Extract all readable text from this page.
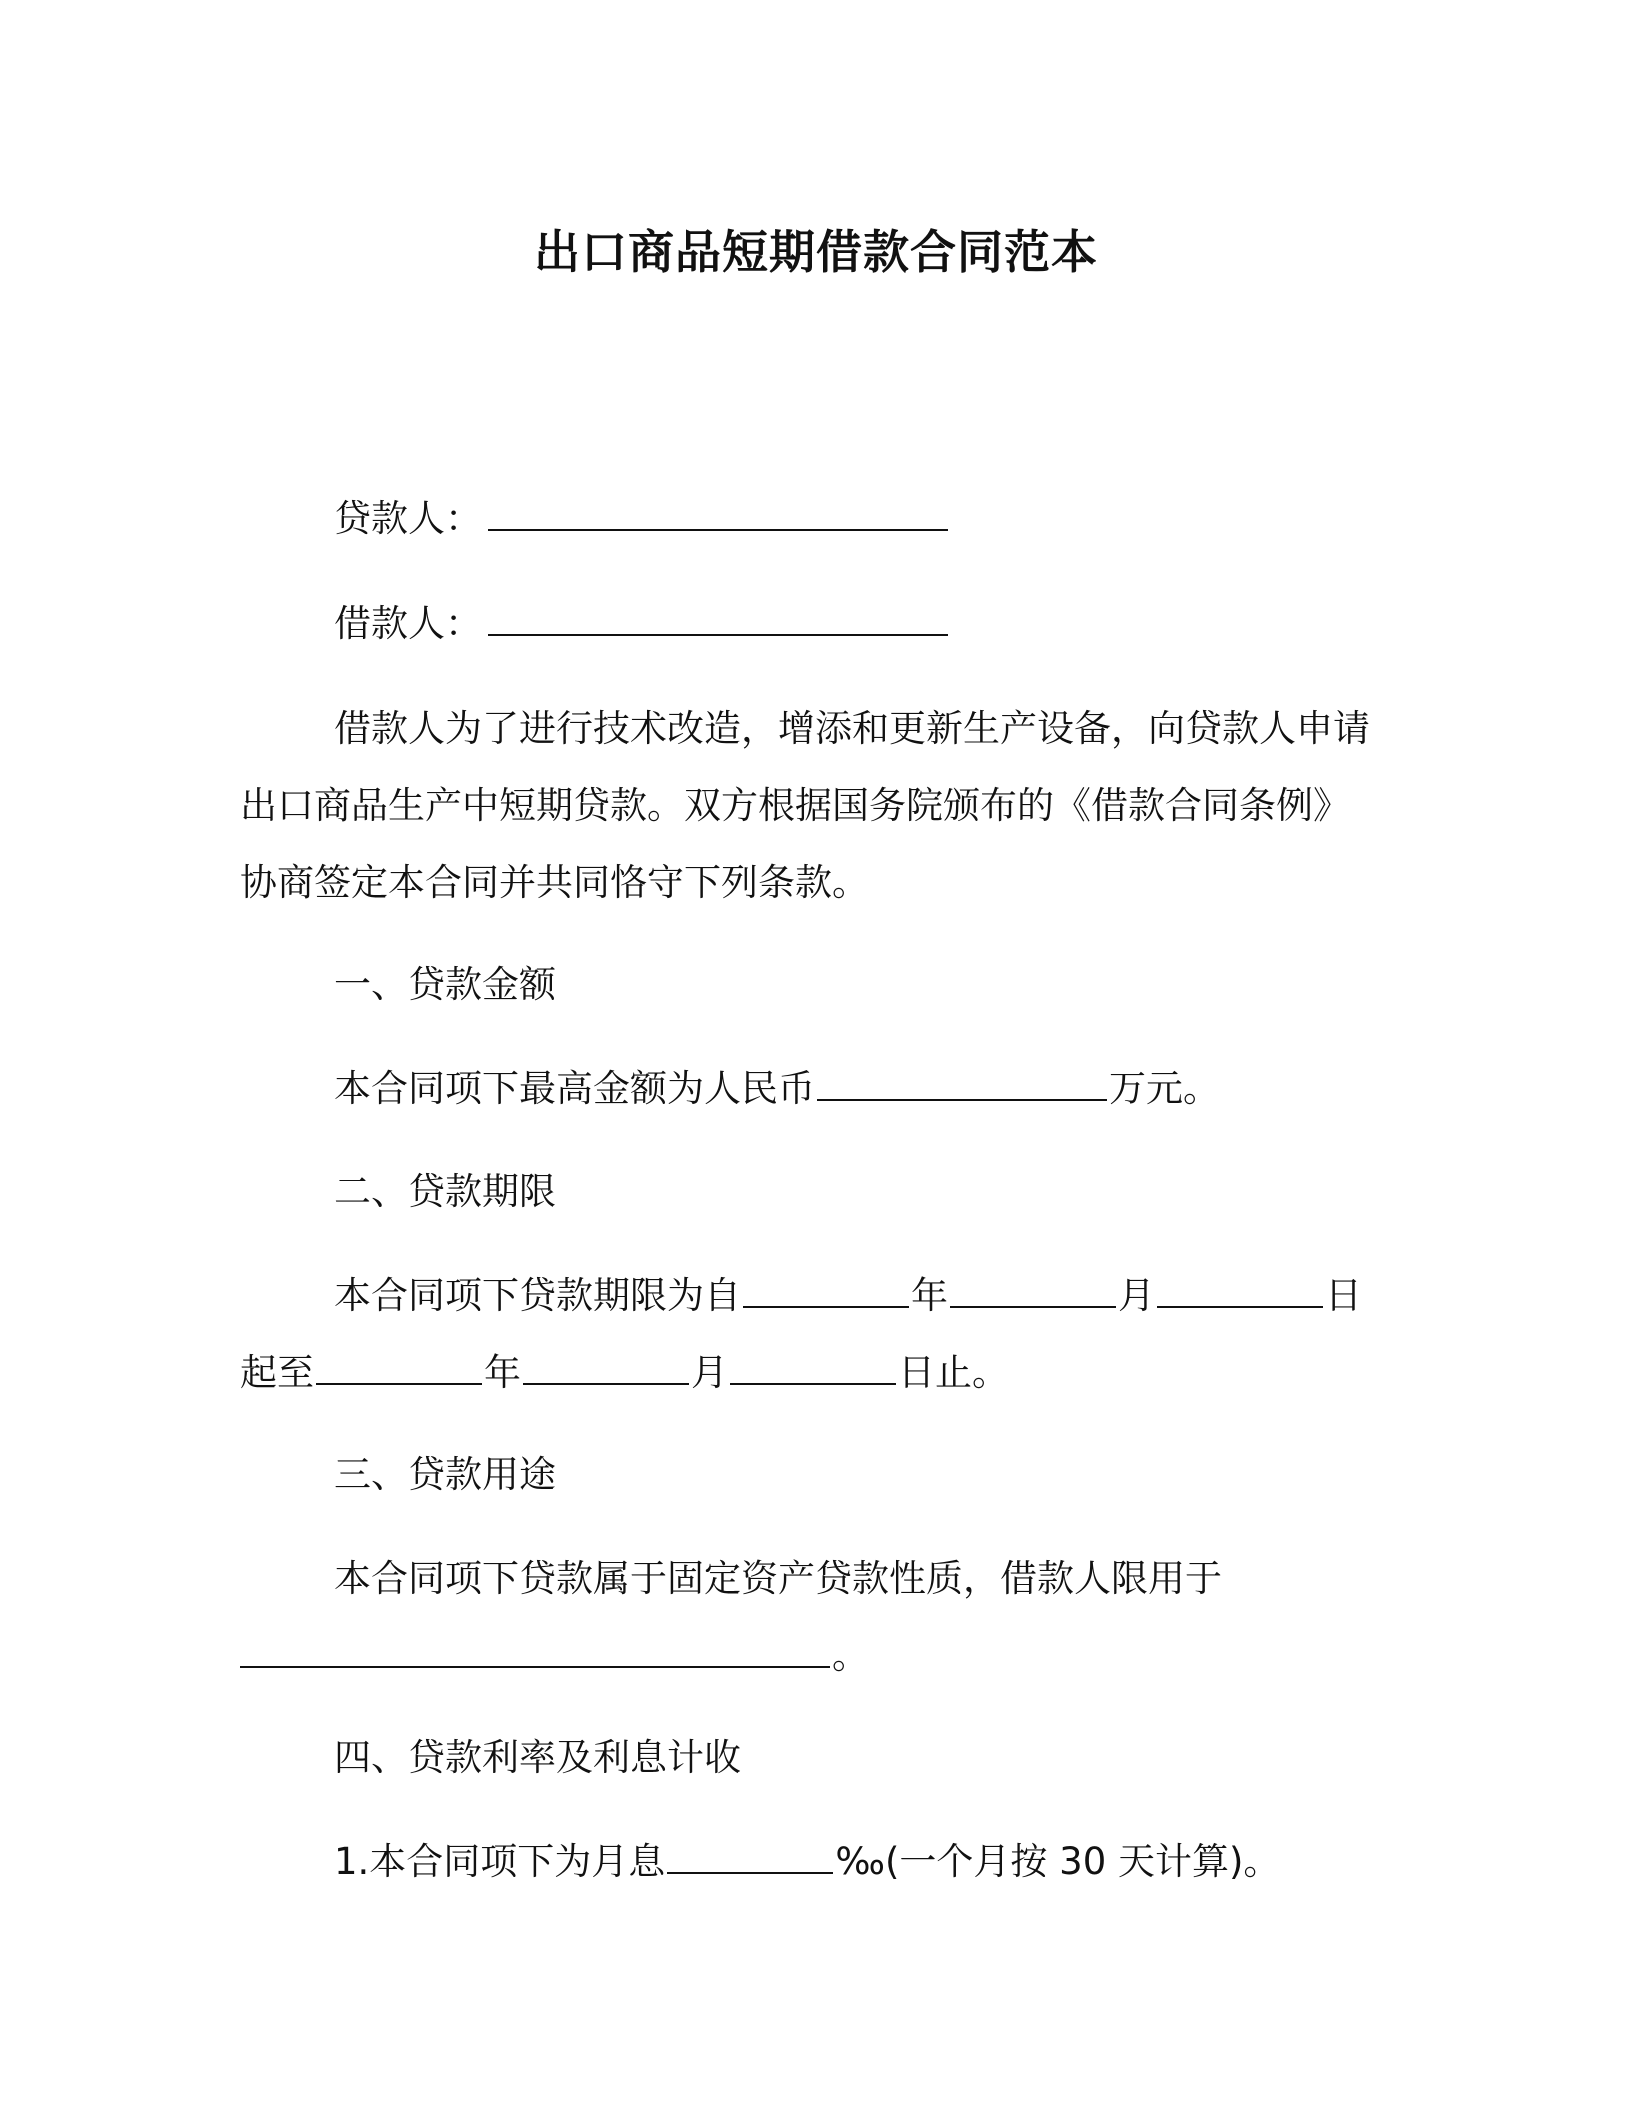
出口商品短期借款合同范本
贷款人：
借款人：
借款人为了进行技术改造，增添和更新生产设备，向贷款人申请
出口商品生产中短期贷款。双方根据国务院颁布的《借款合同条例》
协商签定本合同并共同恪守下列条款。
一、贷款金额
本合同项下最高金额为人民币	万元。
二、贷款期限
本合同项下贷款期限为自	年	月	日
起至	年	月	日止。
三、贷款用途
本合同项下贷款属于固定资产贷款性质，借款人限用于
。
四、贷款利率及利息计收
1.本合同项下为月息	‰(一个月按 30 天计算)。
